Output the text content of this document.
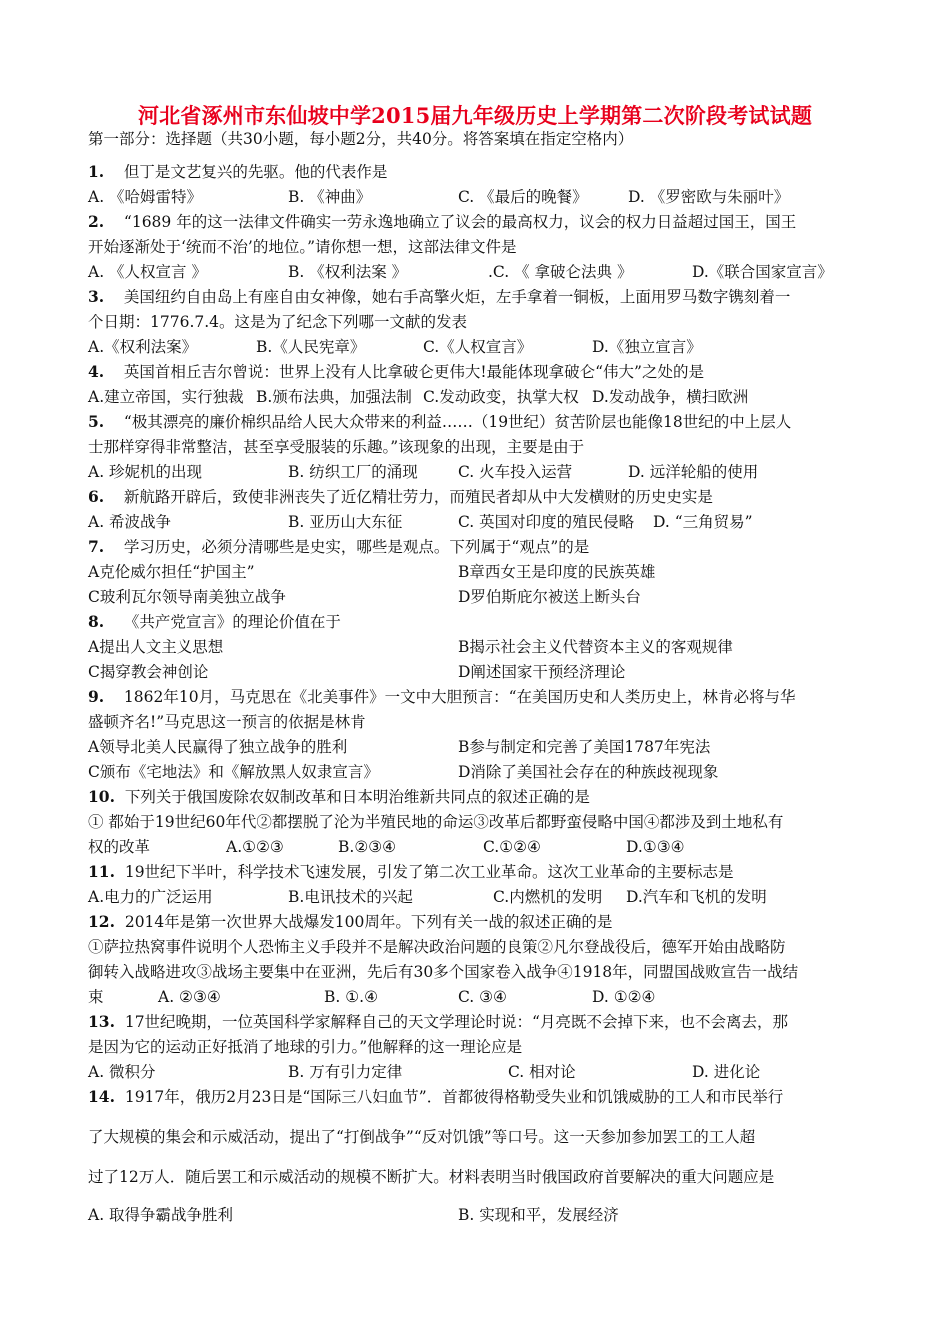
河北省涿州市东仙坡中学2015届九年级历史上学期第二次阶段考试试题
第一部分：选择题（共30小题，每小题2分，共40分。将答案填在指定空格内）
1. 但丁是文艺复兴的先驱。他的代表作是
A. 《哈姆雷特》	B. 《神曲》	C. 《最后的晚餐》	D. 《罗密欧与朱丽叶》
2. “1689 年的这一法律文件确实一劳永逸地确立了议会的最高权力，议会的权力日益超过国王，国王
开始逐渐处于‘统而不治’的地位。”请你想一想，这部法律文件是
A. 《人权宣言 》	B. 《权利法案 》	.C. 《 拿破仑法典 》	D.《联合国家宣言》
3. 美国纽约自由岛上有座自由女神像，她右手高擎火炬，左手拿着一铜板，上面用罗马数字镌刻着一
个日期：1776.7.4。这是为了纪念下列哪一文献的发表
A.《权利法案》	B.《人民宪章》	C.《人权宣言》	D.《独立宣言》
4. 英国首相丘吉尔曾说：世界上没有人比拿破仑更伟大!最能体现拿破仑“伟大”之处的是
A.建立帝国，实行独裁 B.颁布法典，加强法制 C.发动政变，执掌大权 D.发动战争，横扫欧洲
5. “极其漂亮的廉价棉织品给人民大众带来的利益……（19世纪）贫苦阶层也能像18世纪的中上层人
士那样穿得非常整洁，甚至享受服装的乐趣。”该现象的出现，主要是由于
A. 珍妮机的出现	B. 纺织工厂的涌现	C. 火车投入运营	D. 远洋轮船的使用
6. 新航路开辟后，致使非洲丧失了近亿精壮劳力，而殖民者却从中大发横财的历史史实是
A. 希波战争	B. 亚历山大东征	C. 英国对印度的殖民侵略 D. “三角贸易”
7. 学习历史，必须分清哪些是史实，哪些是观点。下列属于“观点”的是
A克伦威尔担任“护国主”	B章西女王是印度的民族英雄
C玻利瓦尔领导南美独立战争	D罗伯斯庇尔被送上断头台
8. 《共产党宣言》的理论价值在于
A提出人文主义思想	B揭示社会主义代替资本主义的客观规律
C揭穿教会神创论	D阐述国家干预经济理论
9. 1862年10月，马克思在《北美事件》一文中大胆预言：“在美国历史和人类历史上，林肯必将与华
盛顿齐名!”马克思这一预言的依据是林肯
A领导北美人民赢得了独立战争的胜利	B参与制定和完善了美国1787年宪法
C颁布《宅地法》和《解放黑人奴隶宣言》	D消除了美国社会存在的种族歧视现象
10. 下列关于俄国废除农奴制改革和日本明治维新共同点的叙述正确的是
① 都始于19世纪60年代②都摆脱了沦为半殖民地的命运③改革后都野蛮侵略中国④都涉及到土地私有
权的改革	A.①②③	B.②③④	C.①②④	D.①③④
11. 19世纪下半叶，科学技术飞速发展，引发了第二次工业革命。这次工业革命的主要标志是
A.电力的广泛运用	B.电讯技术的兴起	C.内燃机的发明 D.汽车和飞机的发明
12. 2014年是第一次世界大战爆发100周年。下列有关一战的叙述正确的是
①萨拉热窝事件说明个人恐怖主义手段并不是解决政治问题的良策②凡尔登战役后，德军开始由战略防
御转入战略进攻③战场主要集中在亚洲，先后有30多个国家卷入战争④1918年，同盟国战败宣告一战结
束	A. ②③④	B. ①.④	C. ③④	D. ①②④
13. 17世纪晚期，一位英国科学家解释自己的天文学理论时说：“月亮既不会掉下来，也不会离去，那
是因为它的运动正好抵消了地球的引力。”他解释的这一理论应是
A. 微积分	B. 万有引力定律	C. 相对论	D. 进化论
14. 1917年，俄历2月23日是“国际三八妇血节”．首都彼得格勒受失业和饥饿威胁的工人和市民举行
了大规模的集会和示威活动，提出了“打倒战争”“反对饥饿”等口号。这一天参加参加罢工的工人超
过了12万人．随后罢工和示威活动的规模不断扩大。材料表明当时俄国政府首要解决的重大问题应是
A. 取得争霸战争胜利	B. 实现和平，发展经济
